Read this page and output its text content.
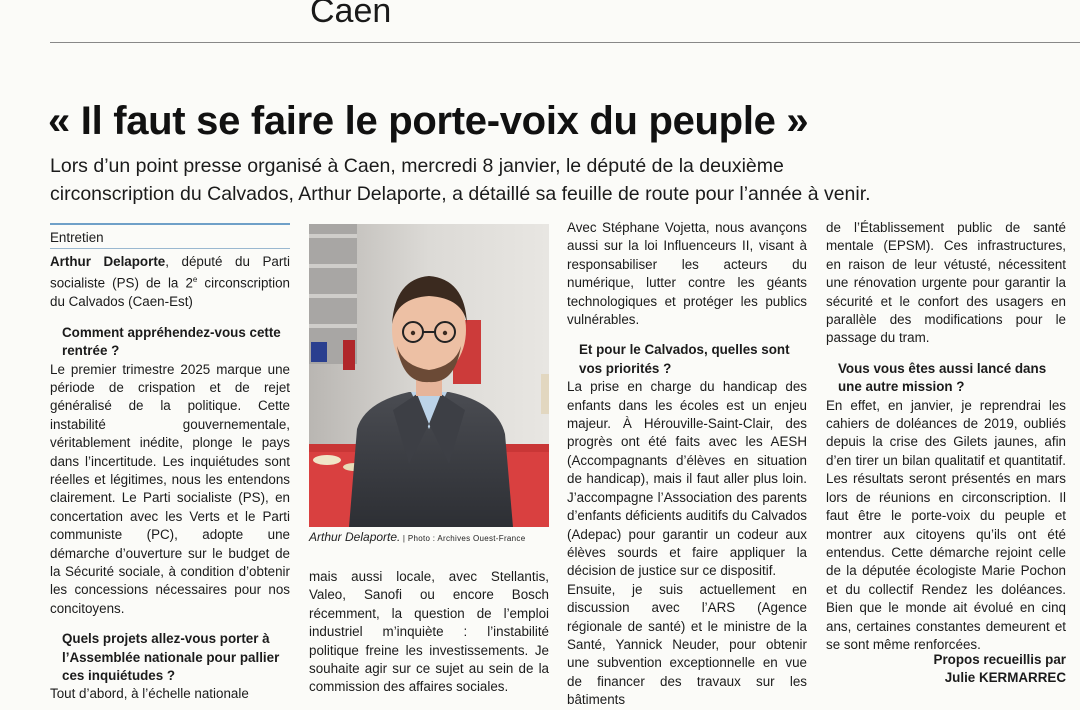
Caen
« Il faut se faire le porte-voix du peuple »
Lors d’un point presse organisé à Caen, mercredi 8 janvier, le député de la deuxième
circonscription du Calvados, Arthur Delaporte, a détaillé sa feuille de route pour l’année à venir.
Entretien

Arthur Delaporte, député du Parti socialiste (PS) de la 2e circonscription du Calvados (Caen-Est)

Comment appréhendez-vous cette rentrée ?

Le premier trimestre 2025 marque une période de crispation et de rejet généralisé de la politique. Cette instabilité gouvernementale, véritablement inédite, plonge le pays dans l’incertitude. Les inquiétudes sont réelles et légitimes, nous les entendons clairement. Le Parti socialiste (PS), en concertation avec les Verts et le Parti communiste (PC), adopte une démarche d’ouverture sur le budget de la Sécurité sociale, à condition d’obtenir les concessions nécessaires pour nos concitoyens.

Quels projets allez-vous porter à l’Assemblée nationale pour pallier ces inquiétudes ?

Tout d’abord, à l’échelle nationale

Arthur Delaporte. | Photo : Archives Ouest-France

mais aussi locale, avec Stellantis, Valeo, Sanofi ou encore Bosch récemment, la question de l’emploi industriel m’inquiète : l’instabilité politique freine les investissements. Je souhaite agir sur ce sujet au sein de la commission des affaires sociales.

Avec Stéphane Vojetta, nous avançons aussi sur la loi Influenceurs II, visant à responsabiliser les acteurs du numérique, lutter contre les géants technologiques et protéger les publics vulnérables.

Et pour le Calvados, quelles sont vos priorités ?

La prise en charge du handicap des enfants dans les écoles est un enjeu majeur. À Hérouville-Saint-Clair, des progrès ont été faits avec les AESH (Accompagnants d’élèves en situation de handicap), mais il faut aller plus loin. J’accompagne l’Association des parents d’enfants déficients auditifs du Calvados (Adepac) pour garantir un codeur aux élèves sourds et faire appliquer la décision de justice sur ce dispositif.

Ensuite, je suis actuellement en discussion avec l’ARS (Agence régionale de santé) et le ministre de la Santé, Yannick Neuder, pour obtenir une subvention exceptionnelle en vue de financer des travaux sur les bâtiments

de l’Établissement public de santé mentale (EPSM). Ces infrastructures, en raison de leur vétusté, nécessitent une rénovation urgente pour garantir la sécurité et le confort des usagers en parallèle des modifications pour le passage du tram.

Vous vous êtes aussi lancé dans une autre mission ?

En effet, en janvier, je reprendrai les cahiers de doléances de 2019, oubliés depuis la crise des Gilets jaunes, afin d’en tirer un bilan qualitatif et quantitatif. Les résultats seront présentés en mars lors de réunions en circonscription. Il faut être le porte-voix du peuple et montrer aux citoyens qu’ils ont été entendus. Cette démarche rejoint celle de la députée écologiste Marie Pochon et du collectif Rendez les doléances. Bien que le monde ait évolué en cinq ans, certaines constantes demeurent et se sont même renforcées.

Propos recueillis par
Julie KERMARREC
